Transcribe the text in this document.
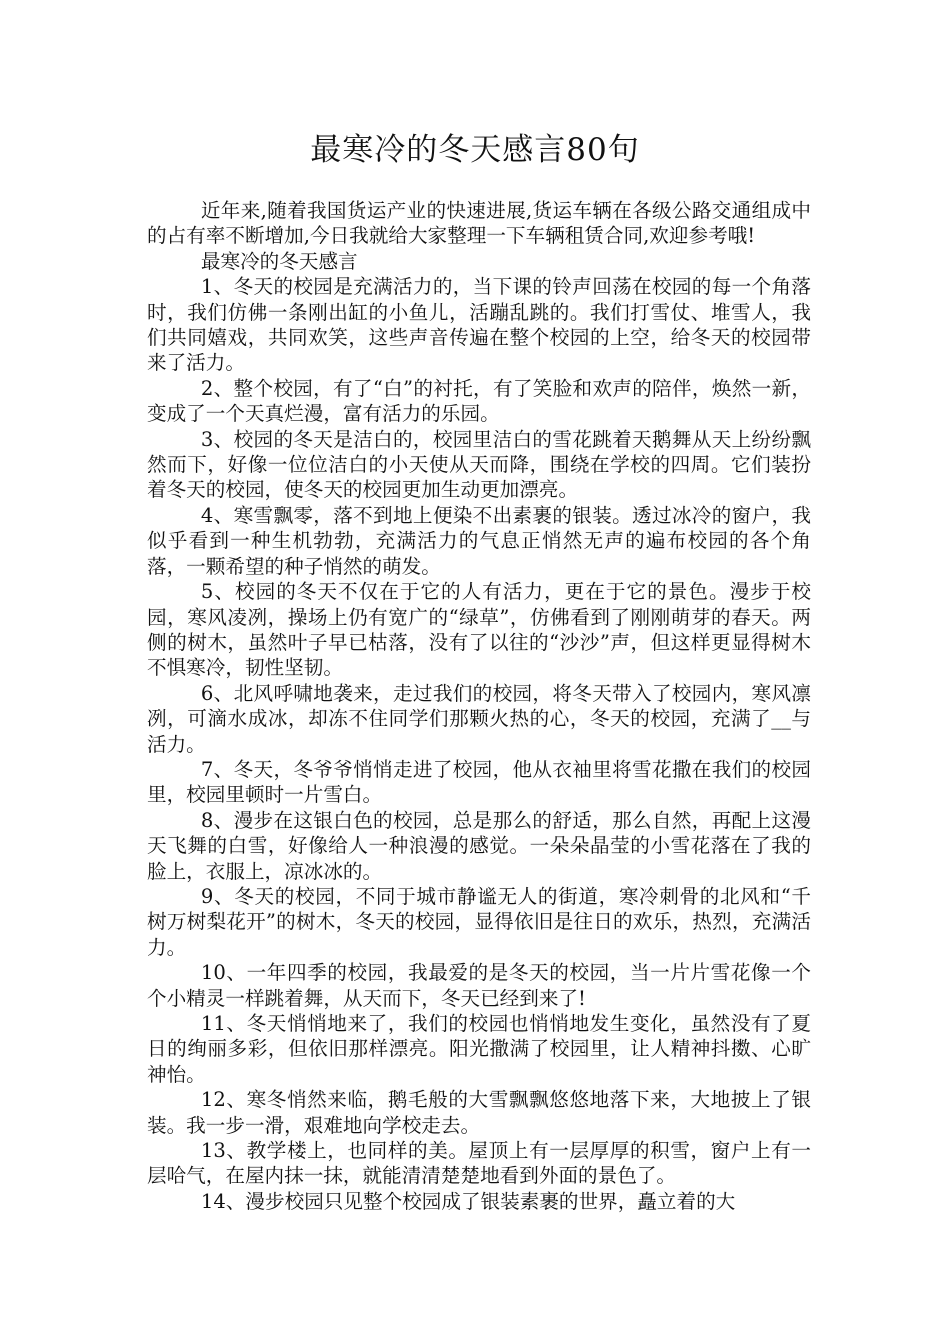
最寒冷的冬天感言80句

近年来,随着我国货运产业的快速进展,货运车辆在各级公路交通组成中的占有率不断增加,今日我就给大家整理一下车辆租赁合同,欢迎参考哦!

最寒冷的冬天感言

1、冬天的校园是充满活力的，当下课的铃声回荡在校园的每一个角落时，我们仿佛一条刚出缸的小鱼儿，活蹦乱跳的。我们打雪仗、堆雪人，我们共同嬉戏，共同欢笑，这些声音传遍在整个校园的上空，给冬天的校园带来了活力。

2、整个校园，有了“白”的衬托，有了笑脸和欢声的陪伴，焕然一新，变成了一个天真烂漫，富有活力的乐园。

3、校园的冬天是洁白的，校园里洁白的雪花跳着天鹅舞从天上纷纷飘然而下，好像一位位洁白的小天使从天而降，围绕在学校的四周。它们装扮着冬天的校园，使冬天的校园更加生动更加漂亮。

4、寒雪飘零，落不到地上便染不出素裹的银装。透过冰冷的窗户，我似乎看到一种生机勃勃，充满活力的气息正悄然无声的遍布校园的各个角落，一颗希望的种子悄然的萌发。

5、校园的冬天不仅在于它的人有活力，更在于它的景色。漫步于校园，寒风凌冽，操场上仍有宽广的“绿草”，仿佛看到了刚刚萌芽的春天。两侧的树木，虽然叶子早已枯落，没有了以往的“沙沙”声，但这样更显得树木不惧寒冷，韧性坚韧。

6、北风呼啸地袭来，走过我们的校园，将冬天带入了校园内，寒风凛冽，可滴水成冰，却冻不住同学们那颗火热的心，冬天的校园，充满了__与活力。

7、冬天，冬爷爷悄悄走进了校园，他从衣袖里将雪花撒在我们的校园里，校园里顿时一片雪白。

8、漫步在这银白色的校园，总是那么的舒适，那么自然，再配上这漫天飞舞的白雪，好像给人一种浪漫的感觉。一朵朵晶莹的小雪花落在了我的脸上，衣服上，凉冰冰的。

9、冬天的校园，不同于城市静谧无人的街道，寒冷刺骨的北风和“千树万树梨花开”的树木，冬天的校园，显得依旧是往日的欢乐，热烈，充满活力。

10、一年四季的校园，我最爱的是冬天的校园，当一片片雪花像一个个小精灵一样跳着舞，从天而下，冬天已经到来了!

11、冬天悄悄地来了，我们的校园也悄悄地发生变化，虽然没有了夏日的绚丽多彩，但依旧那样漂亮。阳光撒满了校园里，让人精神抖擞、心旷神怡。

12、寒冬悄然来临，鹅毛般的大雪飘飘悠悠地落下来，大地披上了银装。我一步一滑，艰难地向学校走去。

13、教学楼上，也同样的美。屋顶上有一层厚厚的积雪，窗户上有一层哈气，在屋内抹一抹，就能清清楚楚地看到外面的景色了。

14、漫步校园只见整个校园成了银装素裹的世界，矗立着的大
